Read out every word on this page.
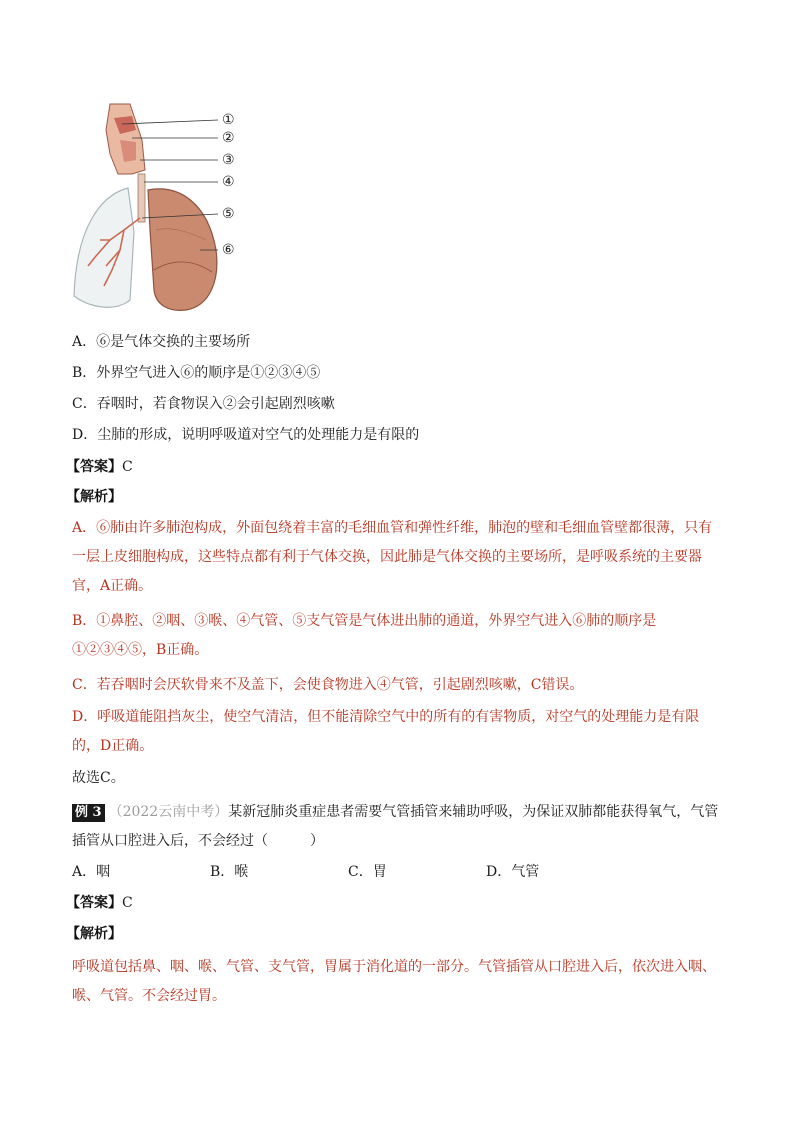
①
②
③
④
⑤
⑥
A．⑥是气体交换的主要场所
B．外界空气进入⑥的顺序是①②③④⑤
C．吞咽时，若食物误入②会引起剧烈咳嗽
D．尘肺的形成，说明呼吸道对空气的处理能力是有限的
【答案】C
【解析】
A．⑥肺由许多肺泡构成，外面包绕着丰富的毛细血管和弹性纤维，肺泡的壁和毛细血管壁都很薄，只有一层上皮细胞构成，这些特点都有利于气体交换，因此肺是气体交换的主要场所，是呼吸系统的主要器官，A正确。
B．①鼻腔、②咽、③喉、④气管、⑤支气管是气体进出肺的通道，外界空气进入⑥肺的顺序是①②③④⑤，B正确。
C．若吞咽时会厌软骨来不及盖下，会使食物进入④气管，引起剧烈咳嗽，C错误。
D．呼吸道能阻挡灰尘，使空气清洁，但不能清除空气中的所有的有害物质，对空气的处理能力是有限的，D正确。
故选C。
例 3 （2022云南中考）某新冠肺炎重症患者需要气管插管来辅助呼吸，为保证双肺都能获得氧气，气管插管从口腔进入后，不会经过（　　　）
A．咽	B．喉	C．胃	D．气管
【答案】C
【解析】
呼吸道包括鼻、咽、喉、气管、支气管，胃属于消化道的一部分。气管插管从口腔进入后，依次进入咽、喉、气管。不会经过胃。
